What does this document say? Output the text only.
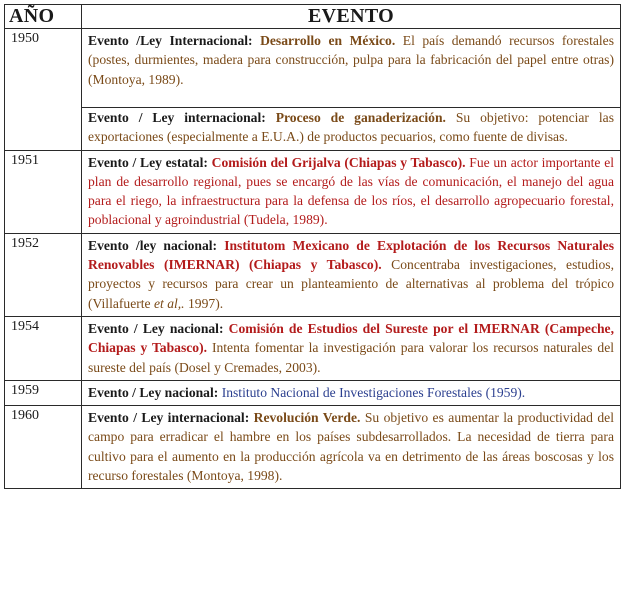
AÑO	EVENTO
1950	Evento /Ley Internacional: Desarrollo en México. El país demandó recursos forestales (postes, durmientes, madera para construcción, pulpa para la fabricación del papel entre otras) (Montoya, 1989).
Evento / Ley internacional: Proceso de ganaderización. Su objetivo: potenciar las exportaciones (especialmente a E.U.A.) de productos pecuarios, como fuente de divisas.

1951	Evento / Ley estatal: Comisión del Grijalva (Chiapas y Tabasco). Fue un actor importante el plan de desarrollo regional, pues se encargó de las vías de comunicación, el manejo del agua para el riego, la infraestructura para la defensa de los ríos, el desarrollo agropecuario forestal, poblacional y agroindustrial (Tudela, 1989).

1952	Evento /ley nacional: Institutom Mexicano de Explotación de los Recursos Naturales Renovables (IMERNAR) (Chiapas y Tabasco). Concentraba investigaciones, estudios, proyectos y recursos para crear un planteamiento de alternativas al problema del trópico (Villafuerte et al,. 1997).

1954	Evento / Ley nacional: Comisión de Estudios del Sureste por el IMERNAR (Campeche, Chiapas y Tabasco). Intenta fomentar la investigación para valorar los recursos naturales del sureste del país (Dosel y Cremades, 2003).

1959	Evento / Ley nacional: Instituto Nacional de Investigaciones Forestales (1959).

1960	Evento / Ley internacional: Revolución Verde. Su objetivo es aumentar la productividad del campo para erradicar el hambre en los países subdesarrollados. La necesidad de tierra para cultivo para el aumento en la producción agrícola va en detrimento de las áreas boscosas y los recurso forestales (Montoya, 1998).
